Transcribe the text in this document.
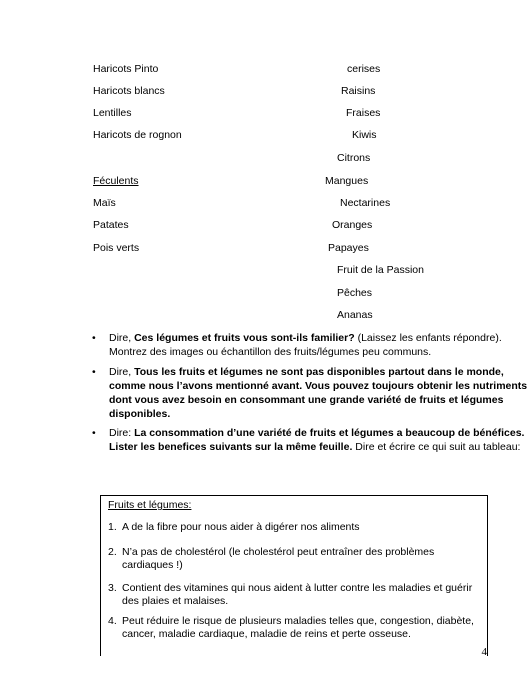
Haricots Pinto
Haricots blancs
Lentilles
Haricots de rognon
Féculents
Maïs
Patates
Pois verts
cerises
Raisins
Fraises
Kiwis
Citrons
Mangues
Nectarines
Oranges
Papayes
Fruit de la Passion
Pêches
Ananas
• Dire, Ces légumes et fruits vous sont-ils familier? (Laissez les enfants répondre). Montrez des images ou échantillon des fruits/légumes peu communs.
• Dire, Tous les fruits et légumes ne sont pas disponibles partout dans le monde, comme nous l’avons mentionné avant. Vous pouvez toujours obtenir les nutriments dont vous avez besoin en consommant une grande variété de fruits et légumes disponibles.
• Dire: La consommation d’une variété de fruits et légumes a beaucoup de bénéfices. Lister les benefices suivants sur la même feuille. Dire et écrire ce qui suit au tableau:
Fruits et légumes:
1. A de la fibre pour nous aider à digérer nos aliments
2. N’a pas de cholestérol (le cholestérol peut entraîner des problèmes cardiaques !)
3. Contient des vitamines qui nous aident à lutter contre les maladies et guérir des plaies et malaises.
4. Peut réduire le risque de plusieurs maladies telles que, congestion, diabète, cancer, maladie cardiaque, maladie de reins et perte osseuse.
4
